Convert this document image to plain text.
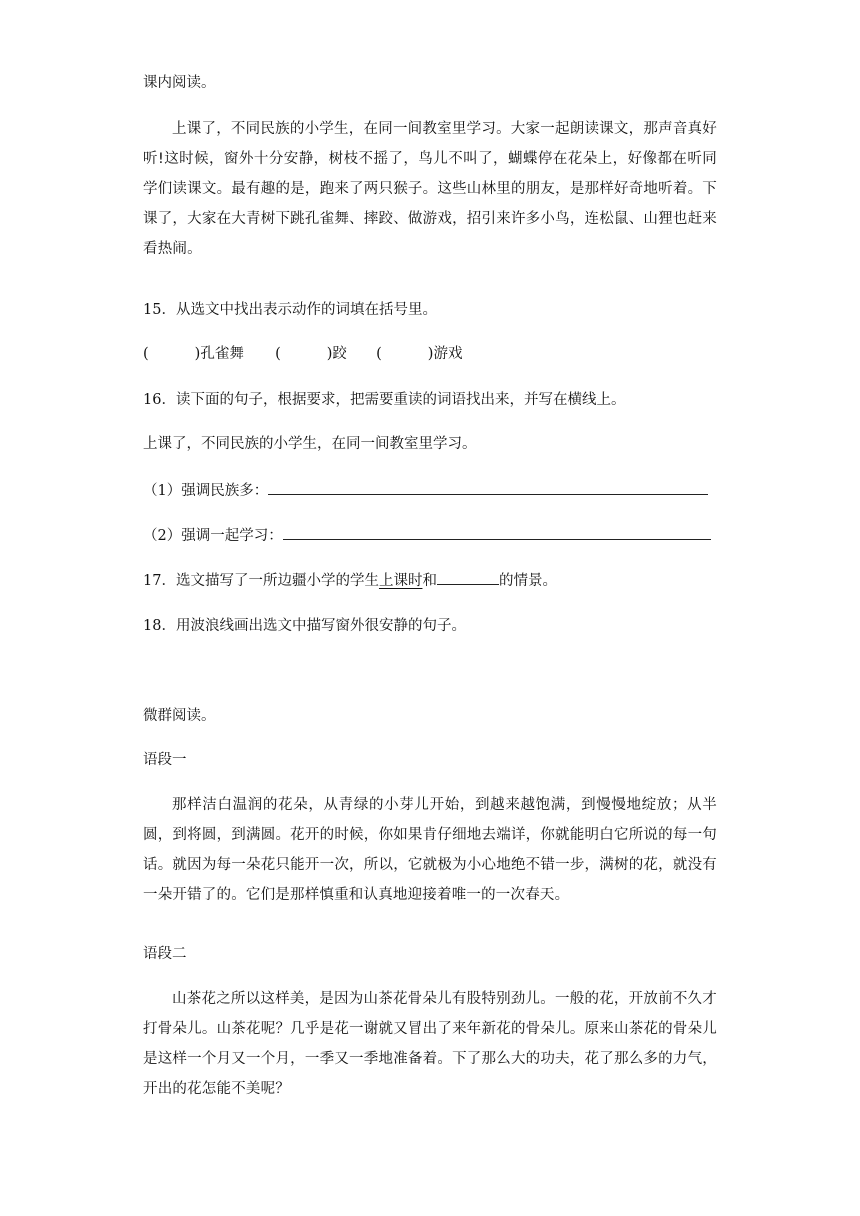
课内阅读。
上课了，不同民族的小学生，在同一间教室里学习。大家一起朗读课文，那声音真好听!这时候，窗外十分安静，树枝不摇了，鸟儿不叫了，蝴蝶停在花朵上，好像都在听同学们读课文。最有趣的是，跑来了两只猴子。这些山林里的朋友，是那样好奇地听着。下课了，大家在大青树下跳孔雀舞、摔跤、做游戏，招引来许多小鸟，连松鼠、山狸也赶来看热闹。
15．从选文中找出表示动作的词填在括号里。
(	)孔雀舞 (	)跤 (	)游戏
16．读下面的句子，根据要求，把需要重读的词语找出来，并写在横线上。
上课了，不同民族的小学生，在同一间教室里学习。
（1）强调民族多：
（2）强调一起学习：
17．选文描写了一所边疆小学的学生上课时和	的情景。
18．用波浪线画出选文中描写窗外很安静的句子。
微群阅读。
语段一
那样洁白温润的花朵，从青绿的小芽儿开始，到越来越饱满，到慢慢地绽放；从半圆，到将圆，到满圆。花开的时候，你如果肯仔细地去端详，你就能明白它所说的每一句话。就因为每一朵花只能开一次，所以，它就极为小心地绝不错一步，满树的花，就没有一朵开错了的。它们是那样慎重和认真地迎接着唯一的一次春天。
语段二
山茶花之所以这样美，是因为山茶花骨朵儿有股特别劲儿。一般的花，开放前不久才打骨朵儿。山茶花呢？几乎是花一谢就又冒出了来年新花的骨朵儿。原来山茶花的骨朵儿是这样一个月又一个月，一季又一季地准备着。下了那么大的功夫，花了那么多的力气，开出的花怎能不美呢？
